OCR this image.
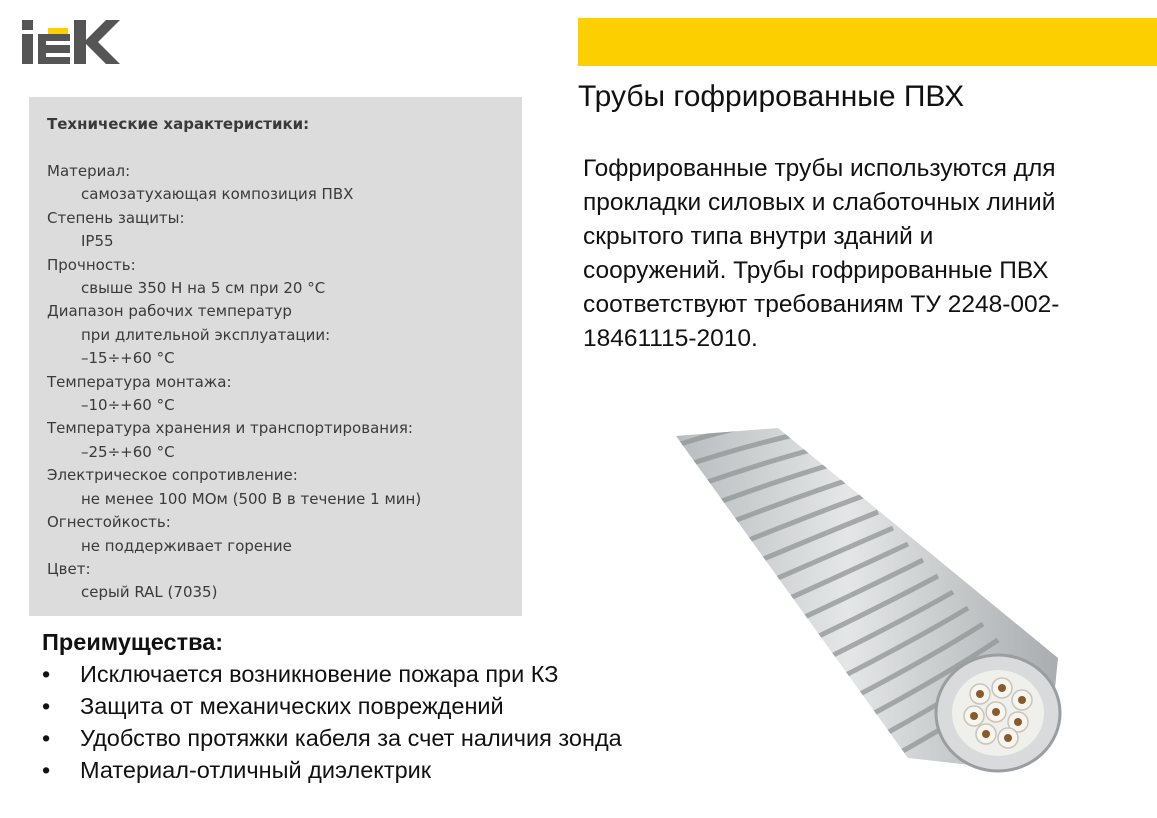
Трубы гофрированные ПВХ
Гофрированные трубы используются для
прокладки силовых и слаботочных линий
скрытого типа внутри зданий и
сооружений. Трубы гофрированные ПВХ
соответствуют требованиям ТУ 2248-002-
18461115-2010.
Технические характеристики:
Материал:
самозатухающая композиция ПВХ
Степень защиты:
IP55
Прочность:
свыше 350 Н на 5 см при 20 °C
Диапазон рабочих температур
при длительной эксплуатации:
–15÷+60 °C
Температура монтажа:
–10÷+60 °C
Температура хранения и транспортирования:
–25÷+60 °C
Электрическое сопротивление:
не менее 100 МОм (500 В в течение 1 мин)
Огнестойкость:
не поддерживает горение
Цвет:
серый RAL (7035)
Преимущества:
• Исключается возникновение пожара при КЗ
• Защита от механических повреждений
• Удобство протяжки кабеля за счет наличия зонда
• Материал-отличный диэлектрик
